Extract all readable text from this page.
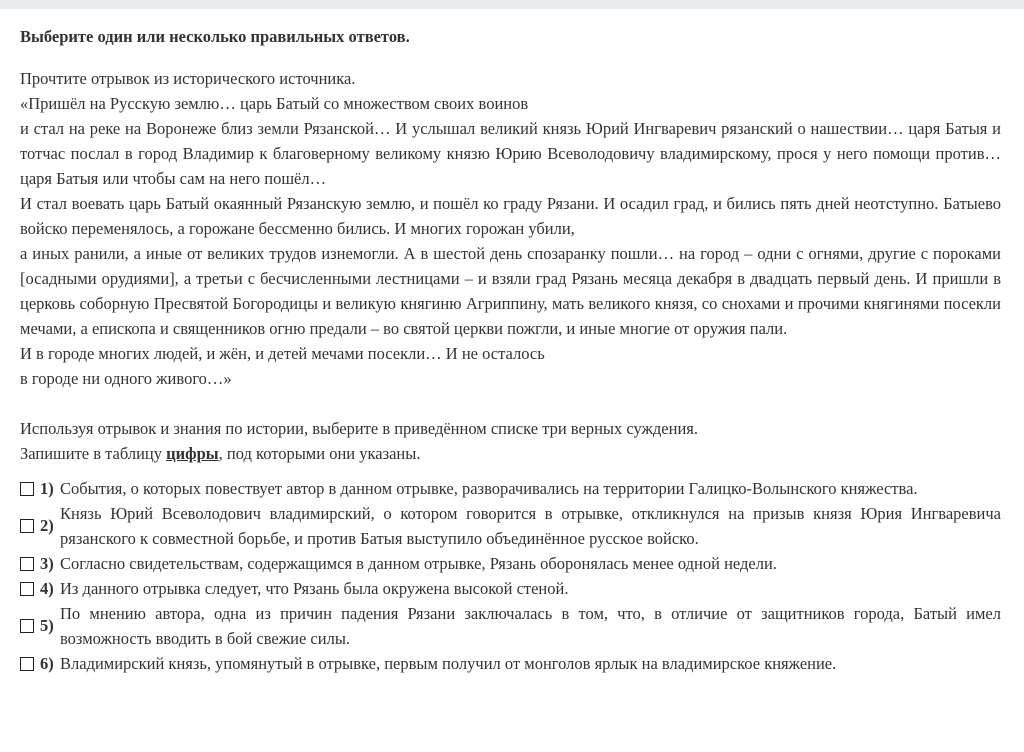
Выберите один или несколько правильных ответов.

Прочтите отрывок из исторического источника.

«Пришёл на Русскую землю… царь Батый со множеством своих воинов

и стал на реке на Воронеже близ земли Рязанской… И услышал великий князь Юрий Ингваревич рязанский о нашествии… царя Батыя и тотчас послал в город Владимир к благоверному великому князю Юрию Всеволодовичу владимирскому, прося у него помощи против… царя Батыя или чтобы сам на него пошёл…

И стал воевать царь Батый окаянный Рязанскую землю, и пошёл ко граду Рязани. И осадил град, и бились пять дней неотступно. Батыево войско переменялось, а горожане бессменно бились. И многих горожан убили,

а иных ранили, а иные от великих трудов изнемогли. А в шестой день спозаранку пошли… на город – одни с огнями, другие с пороками [осадными орудиями], а третьи с бесчисленными лестницами – и взяли град Рязань месяца декабря в двадцать первый день. И пришли в церковь соборную Пресвятой Богородицы и великую княгиню Агриппину, мать великого князя, со снохами и прочими княгинями посекли мечами, а епископа и священников огню предали – во святой церкви пожгли, и иные многие от оружия пали.

И в городе многих людей, и жён, и детей мечами посекли… И не осталось

в городе ни одного живого…»

Используя отрывок и знания по истории, выберите в приведённом списке три верных суждения.

Запишите в таблицу цифры, под которыми они указаны.

1) События, о которых повествует автор в данном отрывке, разворачивались на территории Галицко-Волынского княжества.
2)
Князь Юрий Всеволодович владимирский, о котором говорится в отрывке, откликнулся на призыв князя Юрия Ингваревича рязанского к совместной борьбе, и против Батыя выступило объединённое русское войско.
3) Согласно свидетельствам, содержащимся в данном отрывке, Рязань оборонялась менее одной недели.
4) Из данного отрывка следует, что Рязань была окружена высокой стеной.
5)
По мнению автора, одна из причин падения Рязани заключалась в том, что, в отличие от защитников города, Батый имел возможность вводить в бой свежие силы.
6) Владимирский князь, упомянутый в отрывке, первым получил от монголов ярлык на владимирское княжение.
